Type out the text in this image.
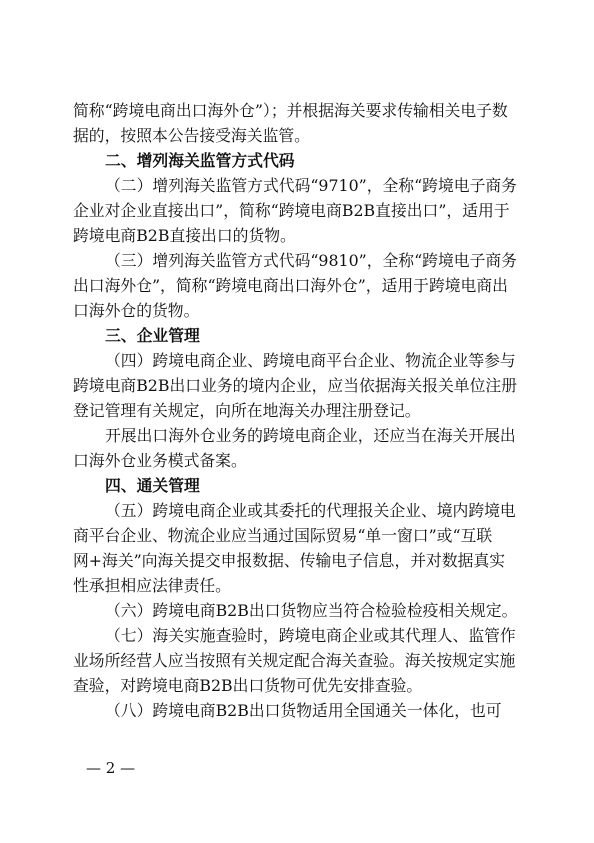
简称“跨境电商出口海外仓”）；并根据海关要求传输相关电子数
据的，按照本公告接受海关监管。
二、增列海关监管方式代码
（二）增列海关监管方式代码“9710”，全称“跨境电子商务
企业对企业直接出口”，简称“跨境电商B2B直接出口”，适用于
跨境电商B2B直接出口的货物。
（三）增列海关监管方式代码“9810”，全称“跨境电子商务
出口海外仓”，简称“跨境电商出口海外仓”，适用于跨境电商出
口海外仓的货物。
三、企业管理
（四）跨境电商企业、跨境电商平台企业、物流企业等参与
跨境电商B2B出口业务的境内企业，应当依据海关报关单位注册
登记管理有关规定，向所在地海关办理注册登记。
开展出口海外仓业务的跨境电商企业，还应当在海关开展出
口海外仓业务模式备案。
四、通关管理
（五）跨境电商企业或其委托的代理报关企业、境内跨境电
商平台企业、物流企业应当通过国际贸易“单一窗口”或“互联
网+海关”向海关提交申报数据、传输电子信息，并对数据真实
性承担相应法律责任。
（六）跨境电商B2B出口货物应当符合检验检疫相关规定。
（七）海关实施查验时，跨境电商企业或其代理人、监管作
业场所经营人应当按照有关规定配合海关查验。海关按规定实施
查验，对跨境电商B2B出口货物可优先安排查验。
（八）跨境电商B2B出口货物适用全国通关一体化，也可
— 2 —
